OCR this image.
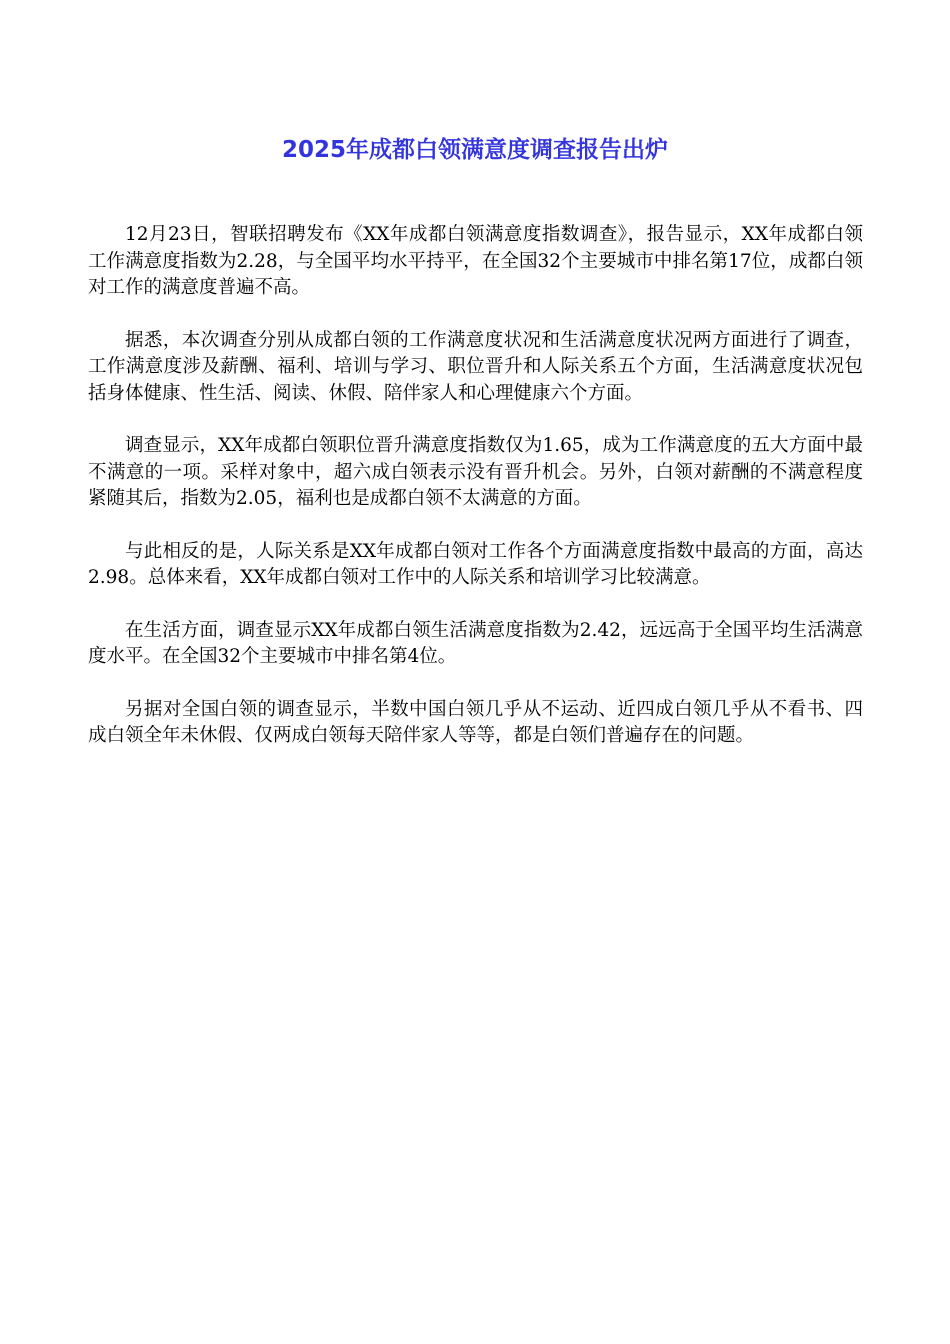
2025年成都白领满意度调查报告出炉

12月23日，智联招聘发布《XX年成都白领满意度指数调查》，报告显示，XX年成都白领工作满意度指数为2.28，与全国平均水平持平，在全国32个主要城市中排名第17位，成都白领对工作的满意度普遍不高。

据悉，本次调查分别从成都白领的工作满意度状况和生活满意度状况两方面进行了调查，工作满意度涉及薪酬、福利、培训与学习、职位晋升和人际关系五个方面，生活满意度状况包括身体健康、性生活、阅读、休假、陪伴家人和心理健康六个方面。

调查显示，XX年成都白领职位晋升满意度指数仅为1.65，成为工作满意度的五大方面中最不满意的一项。采样对象中，超六成白领表示没有晋升机会。另外，白领对薪酬的不满意程度紧随其后，指数为2.05，福利也是成都白领不太满意的方面。

与此相反的是，人际关系是XX年成都白领对工作各个方面满意度指数中最高的方面，高达2.98。总体来看，XX年成都白领对工作中的人际关系和培训学习比较满意。

在生活方面，调查显示XX年成都白领生活满意度指数为2.42，远远高于全国平均生活满意度水平。在全国32个主要城市中排名第4位。

另据对全国白领的调查显示，半数中国白领几乎从不运动、近四成白领几乎从不看书、四成白领全年未休假、仅两成白领每天陪伴家人等等，都是白领们普遍存在的问题。
